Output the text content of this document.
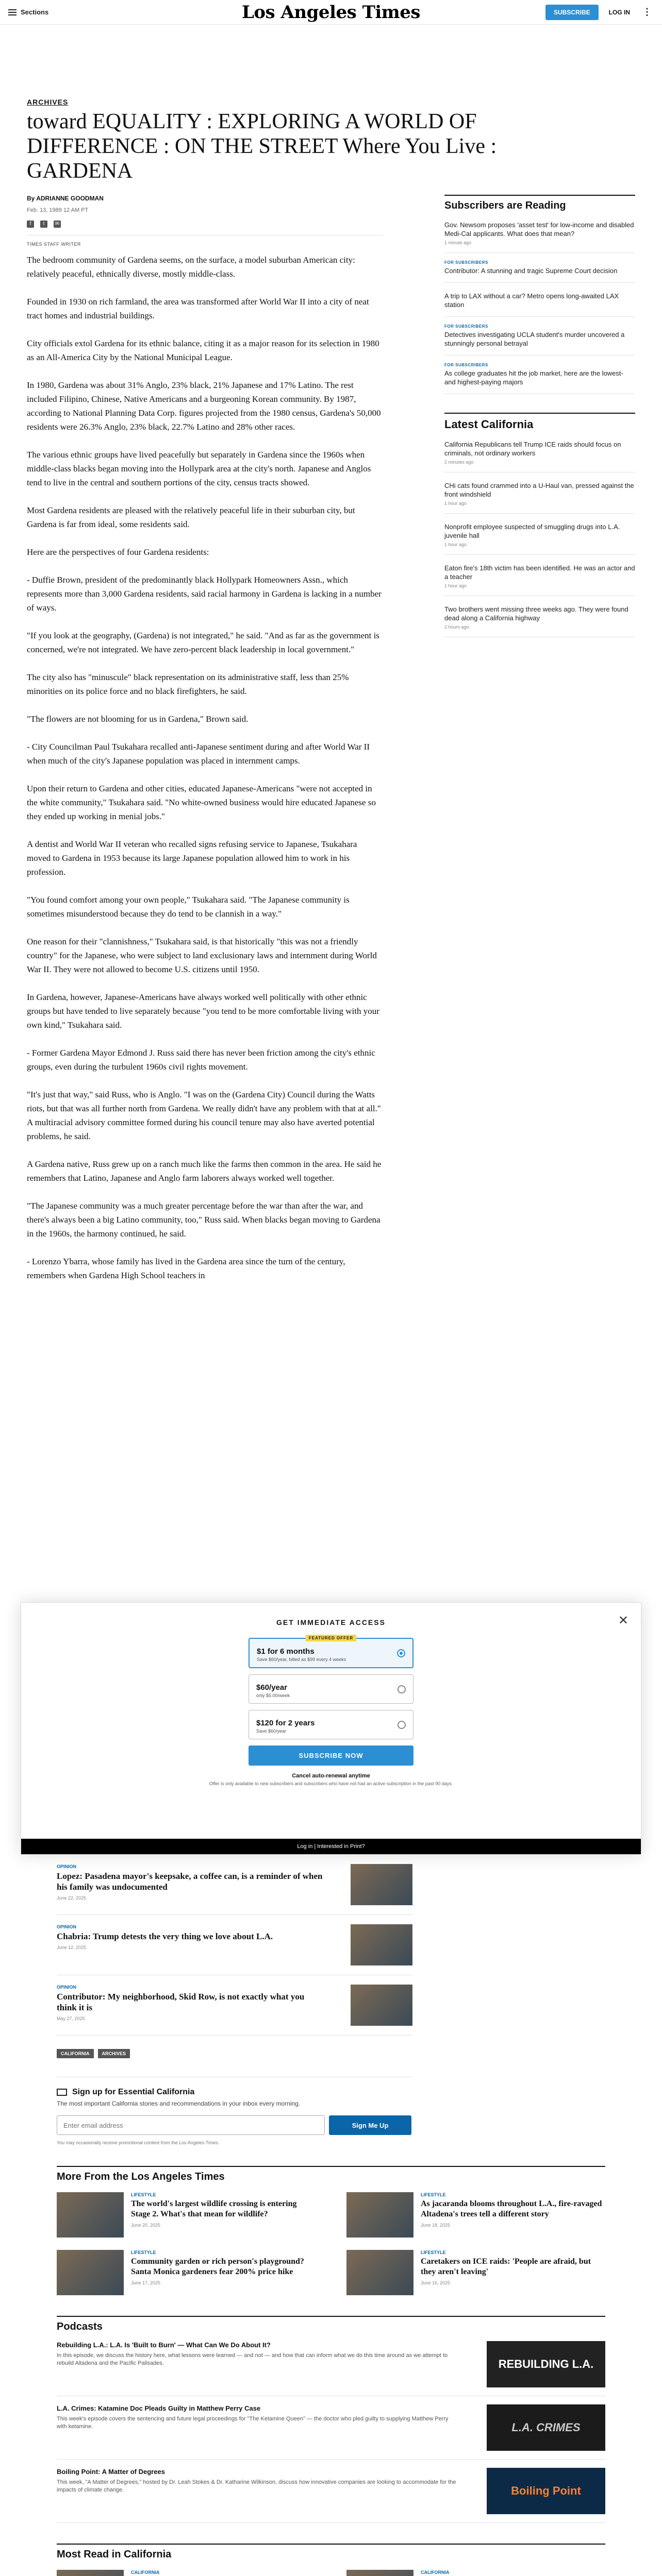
Sections	Los Angeles Times	SUBSCRIBE	LOG IN	⋮
ARCHIVES
toward EQUALITY : EXPLORING A WORLD OF DIFFERENCE : ON THE STREET Where You Live : GARDENA
By ADRIANNE GOODMAN
Feb. 13, 1989 12 AM PT
f	t	✉
TIMES STAFF WRITER

The bedroom community of Gardena seems, on the surface, a model suburban American city: relatively peaceful, ethnically diverse, mostly middle-class.

Founded in 1930 on rich farmland, the area was transformed after World War II into a city of neat tract homes and industrial buildings.

City officials extol Gardena for its ethnic balance, citing it as a major reason for its selection in 1980 as an All-America City by the National Municipal League.

In 1980, Gardena was about 31% Anglo, 23% black, 21% Japanese and 17% Latino. The rest included Filipino, Chinese, Native Americans and a burgeoning Korean community. By 1987, according to National Planning Data Corp. figures projected from the 1980 census, Gardena's 50,000 residents were 26.3% Anglo, 23% black, 22.7% Latino and 28% other races.

The various ethnic groups have lived peacefully but separately in Gardena since the 1960s when middle-class blacks began moving into the Hollypark area at the city's north. Japanese and Anglos tend to live in the central and southern portions of the city, census tracts showed.

Most Gardena residents are pleased with the relatively peaceful life in their suburban city, but Gardena is far from ideal, some residents said.

Here are the perspectives of four Gardena residents:

- Duffie Brown, president of the predominantly black Hollypark Homeowners Assn., which represents more than 3,000 Gardena residents, said racial harmony in Gardena is lacking in a number of ways.

"If you look at the geography, (Gardena) is not integrated," he said. "And as far as the government is concerned, we're not integrated. We have zero-percent black leadership in local government."

The city also has "minuscule" black representation on its administrative staff, less than 25% minorities on its police force and no black firefighters, he said.

"The flowers are not blooming for us in Gardena," Brown said.

- City Councilman Paul Tsukahara recalled anti-Japanese sentiment during and after World War II when much of the city's Japanese population was placed in internment camps.

Upon their return to Gardena and other cities, educated Japanese-Americans "were not accepted in the white community," Tsukahara said. "No white-owned business would hire educated Japanese so they ended up working in menial jobs."

A dentist and World War II veteran who recalled signs refusing service to Japanese, Tsukahara moved to Gardena in 1953 because its large Japanese population allowed him to work in his profession.

"You found comfort among your own people," Tsukahara said. "The Japanese community is sometimes misunderstood because they do tend to be clannish in a way."

One reason for their "clannishness," Tsukahara said, is that historically "this was not a friendly country" for the Japanese, who were subject to land exclusionary laws and internment during World War II. They were not allowed to become U.S. citizens until 1950.

In Gardena, however, Japanese-Americans have always worked well politically with other ethnic groups but have tended to live separately because "you tend to be more comfortable living with your own kind," Tsukahara said.

- Former Gardena Mayor Edmond J. Russ said there has never been friction among the city's ethnic groups, even during the turbulent 1960s civil rights movement.

"It's just that way," said Russ, who is Anglo. "I was on the (Gardena City) Council during the Watts riots, but that was all further north from Gardena. We really didn't have any problem with that at all." A multiracial advisory committee formed during his council tenure may also have averted potential problems, he said.

A Gardena native, Russ grew up on a ranch much like the farms then common in the area. He said he remembers that Latino, Japanese and Anglo farm laborers always worked well together.

"The Japanese community was a much greater percentage before the war than after the war, and there's always been a big Latino community, too," Russ said. When blacks began moving to Gardena in the 1960s, the harmony continued, he said.

- Lorenzo Ybarra, whose family has lived in the Gardena area since the turn of the century, remembers when Gardena High School teachers in

Subscribers are Reading
Gov. Newsom proposes 'asset test' for low-income and disabled Medi-Cal applicants. What does that mean?
1 minute ago
FOR SUBSCRIBERS
Contributor: A stunning and tragic Supreme Court decision
A trip to LAX without a car? Metro opens long-awaited LAX station
FOR SUBSCRIBERS
Detectives investigating UCLA student's murder uncovered a stunningly personal betrayal
FOR SUBSCRIBERS
As college graduates hit the job market, here are the lowest- and highest-paying majors
Latest California
California Republicans tell Trump ICE raids should focus on criminals, not ordinary workers
2 minutes ago
CHi cats found crammed into a U-Haul van, pressed against the front windshield
1 hour ago
Nonprofit employee suspected of smuggling drugs into L.A. juvenile hall
1 hour ago
Eaton fire's 18th victim has been identified. He was an actor and a teacher
1 hour ago
Two brothers went missing three weeks ago. They were found dead along a California highway
2 hours ago
✕
GET IMMEDIATE ACCESS
FEATURED OFFER
$1 for 6 months
Save $60/year, billed as $99 every 4 weeks
$60/year
only $5.00/week
$120 for 2 years
Save $60/year
SUBSCRIBE NOW
Cancel auto-renewal anytime
Offer is only available to new subscribers and subscribers who have not had an active subscription in the past 90 days.
Log in | Interested in Print?
OPINION
Lopez: Pasadena mayor's keepsake, a coffee can, is a reminder of when his family was undocumented
June 22, 2025
OPINION
Chabria: Trump detests the very thing we love about L.A.
June 12, 2025
OPINION
Contributor: My neighborhood, Skid Row, is not exactly what you think it is
May 27, 2025
CALIFORNIA	ARCHIVES
Sign up for Essential California
The most important California stories and recommendations in your inbox every morning.
Enter email address
Sign Me Up
You may occasionally receive promotional content from the Los Angeles Times.
More From the Los Angeles Times
LIFESTYLE
The world's largest wildlife crossing is entering Stage 2. What's that mean for wildlife?
June 20, 2025
LIFESTYLE
As jacaranda blooms throughout L.A., fire-ravaged Altadena's trees tell a different story
June 18, 2025
LIFESTYLE
Community garden or rich person's playground? Santa Monica gardeners fear 200% price hike
June 17, 2025
LIFESTYLE
Caretakers on ICE raids: 'People are afraid, but they aren't leaving'
June 16, 2025
Podcasts
Rebuilding L.A.: L.A. Is 'Built to Burn' — What Can We Do About It?
In this episode, we discuss the history here, what lessons were learned — and not — and how that can inform what we do this time around as we attempt to rebuild Altadena and the Pacific Palisades.	REBUILDING L.A.
L.A. Crimes: Katamine Doc Pleads Guilty in Matthew Perry Case
This week's episode covers the sentencing and future legal proceedings for "The Ketamine Queen" — the doctor who pled guilty to supplying Matthew Perry with ketamine.	L.A. CRIMES
Boiling Point: A Matter of Degrees
This week, "A Matter of Degrees," hosted by Dr. Leah Stokes & Dr. Katharine Wilkinson, discuss how innovative companies are looking to accommodate for the impacts of climate change.	Boiling Point
Most Read in California
CALIFORNIA	CALIFORNIA
